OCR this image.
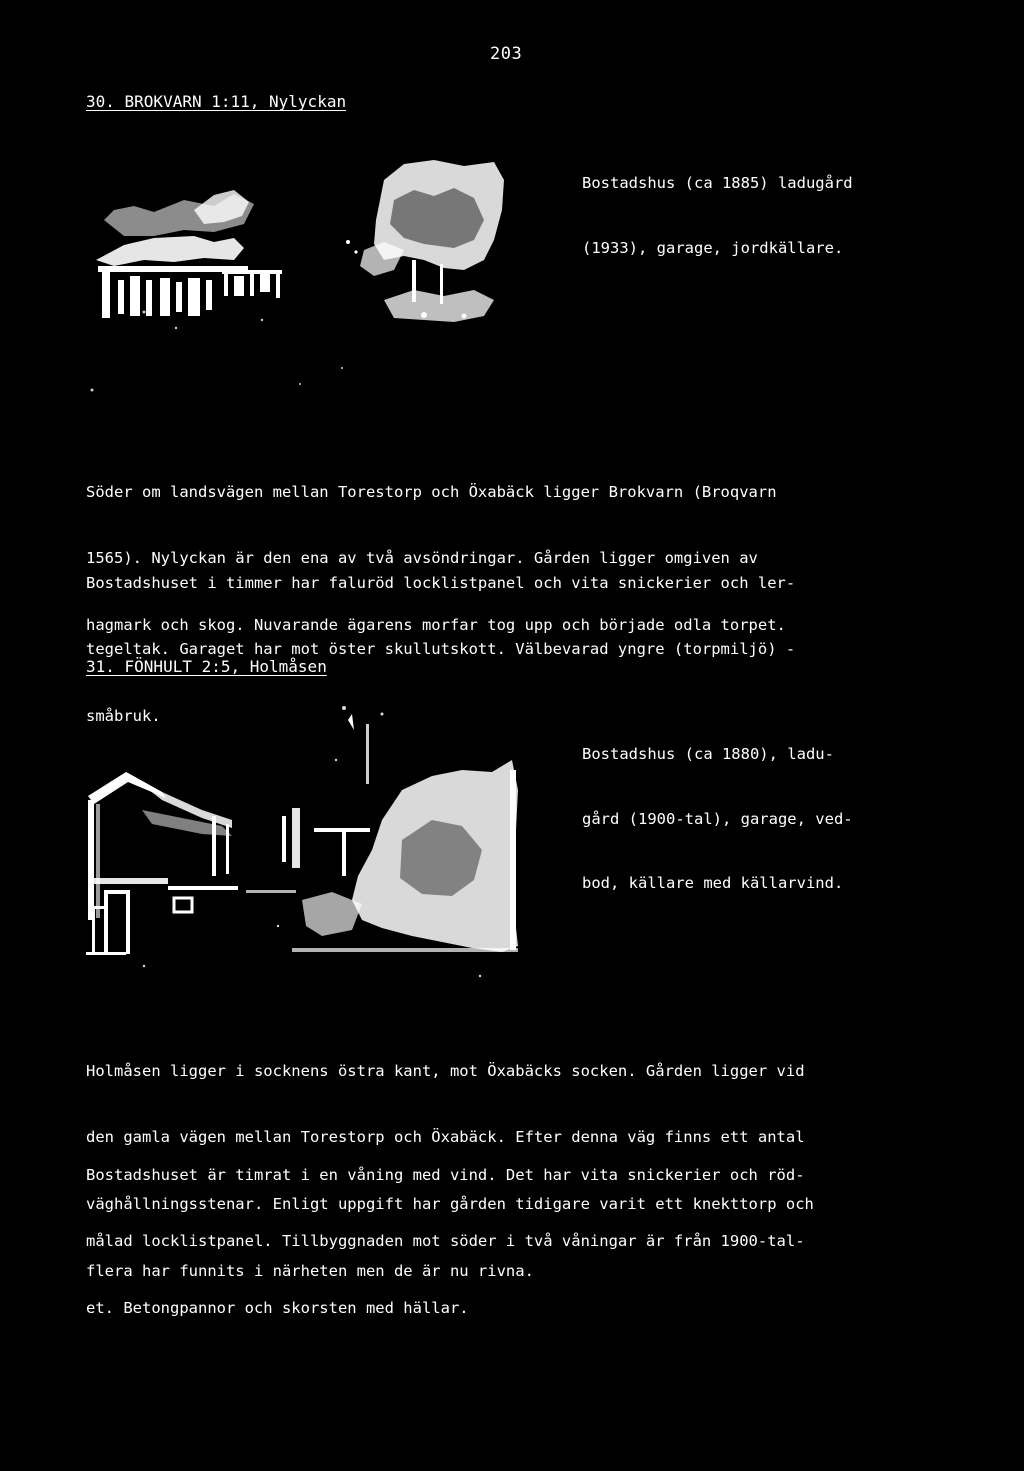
203
30. BROKVARN 1:11, Nylyckan

Bostadshus (ca 1885) ladugård

(1933), garage, jordkällare.

Söder om landsvägen mellan Torestorp och Öxabäck ligger Brokvarn (Broqvarn

1565). Nylyckan är den ena av två avsöndringar. Gården ligger omgiven av

hagmark och skog. Nuvarande ägarens morfar tog upp och började odla torpet.

Bostadshuset i timmer har faluröd locklistpanel och vita snickerier och ler-

tegeltak. Garaget har mot öster skullutskott. Välbevarad yngre (torpmiljö) -

småbruk.

31. FÖNHULT 2:5, Holmåsen

Bostadshus (ca 1880), ladu-

gård (1900-tal), garage, ved-

bod, källare med källarvind.

Holmåsen ligger i socknens östra kant, mot Öxabäcks socken. Gården ligger vid

den gamla vägen mellan Torestorp och Öxabäck. Efter denna väg finns ett antal

väghållningsstenar. Enligt uppgift har gården tidigare varit ett knekttorp och

flera har funnits i närheten men de är nu rivna.

Bostadshuset är timrat i en våning med vind. Det har vita snickerier och röd-

målad locklistpanel. Tillbyggnaden mot söder i två våningar är från 1900-tal-

et. Betongpannor och skorsten med hällar.
